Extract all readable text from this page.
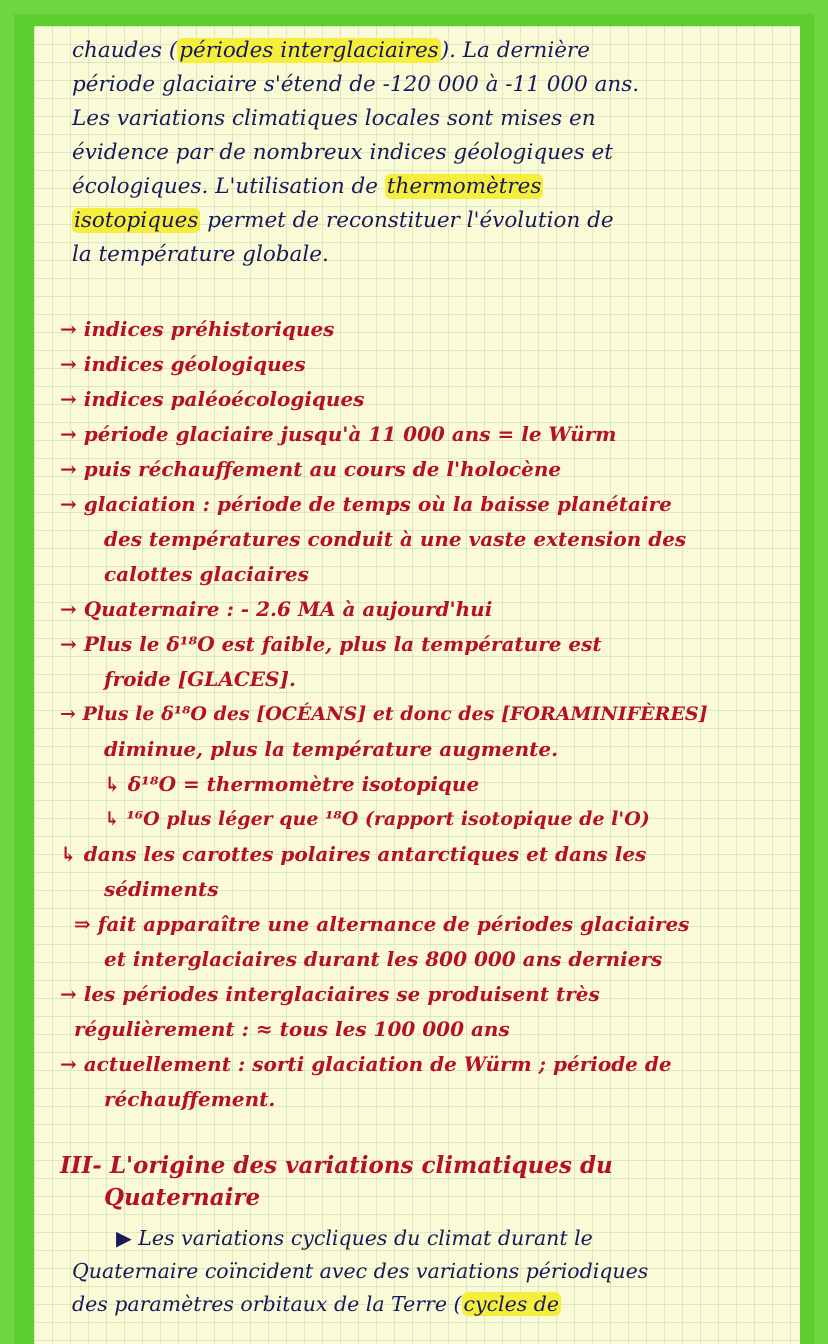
chaudes (périodes interglaciaires). La dernière
période glaciaire s'étend de -120 000 à -11 000 ans.
Les variations climatiques locales sont mises en
évidence par de nombreux indices géologiques et
écologiques. L'utilisation de thermomètres
isotopiques permet de reconstituer l'évolution de
la température globale.
→ indices préhistoriques
→ indices géologiques
→ indices paléoécologiques
→ période glaciaire jusqu'à 11 000 ans = le Würm
→ puis réchauffement au cours de l'holocène
→ glaciation : période de temps où la baisse planétaire
des températures conduit à une vaste extension des
calottes glaciaires
→ Quaternaire : - 2.6 MA à aujourd'hui
→ Plus le δ¹⁸O est faible, plus la température est
froide [GLACES].
→ Plus le δ¹⁸O des [OCÉANS] et donc des [FORAMINIFÈRES]
diminue, plus la température augmente.
↳ δ¹⁸O = thermomètre isotopique
↳ ¹⁶O plus léger que ¹⁸O (rapport isotopique de l'O)
↳ dans les carottes polaires antarctiques et dans les
sédiments
⇒ fait apparaître une alternance de périodes glaciaires
et interglaciaires durant les 800 000 ans derniers
→ les périodes interglaciaires se produisent très
régulièrement : ≈ tous les 100 000 ans
→ actuellement : sorti glaciation de Würm ; période de
réchauffement.
III- L'origine des variations climatiques du
Quaternaire
▶ Les variations cycliques du climat durant le
Quaternaire coïncident avec des variations périodiques
des paramètres orbitaux de la Terre (cycles de
